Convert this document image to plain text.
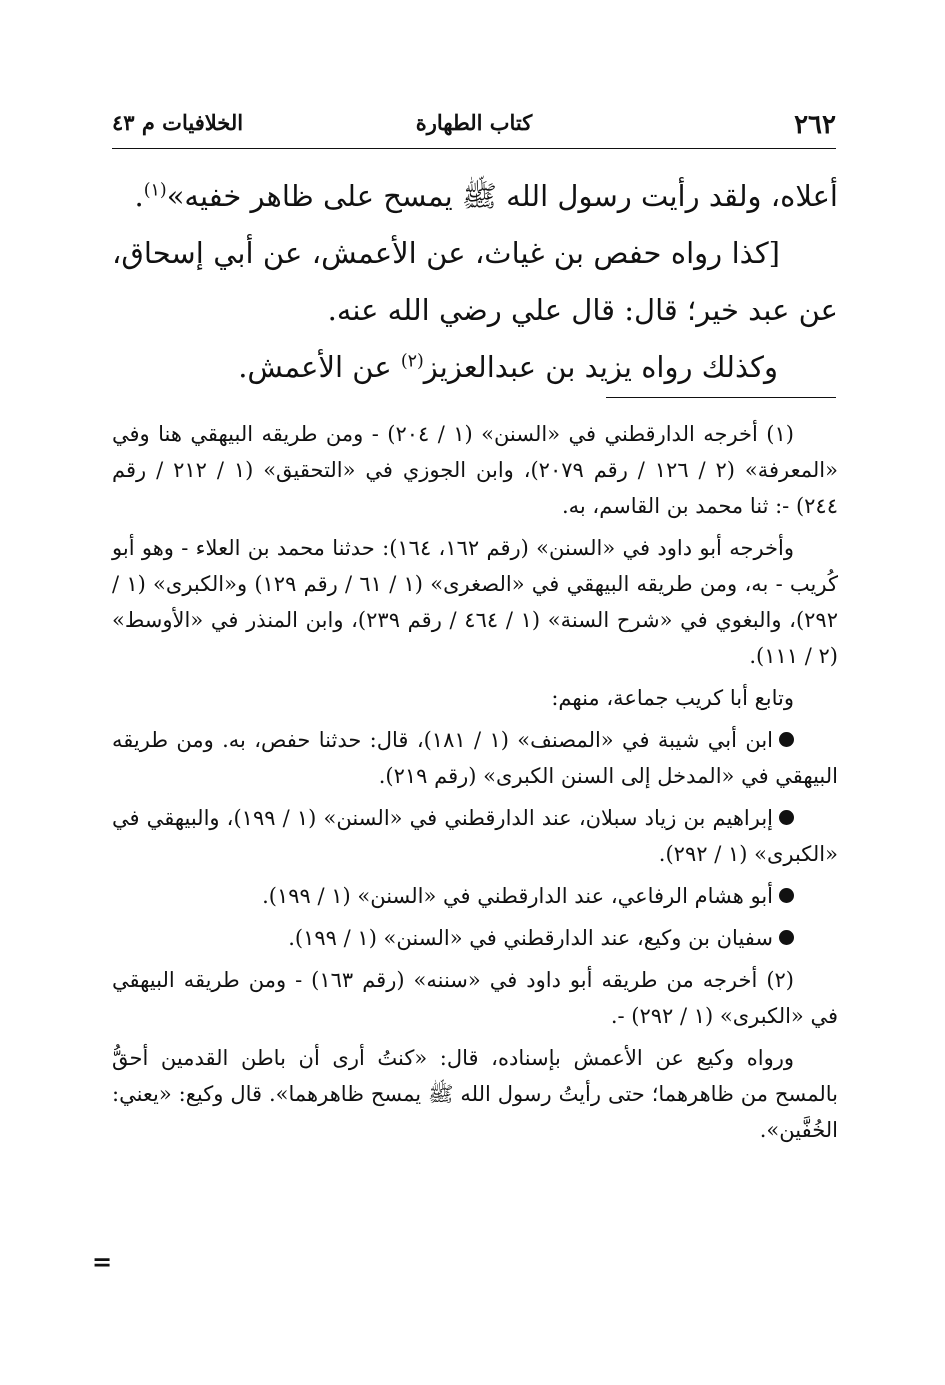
٢٦٢
كتاب الطهارة
الخلافيات م ٤٣

أعلاه، ولقد رأيت رسول الله ﷺ يمسح على ظاهر خفيه»$^{(١)}$.

[كذا رواه حفص بن غياث، عن الأعمش، عن أبي إسحاق، عن عبد خير؛ قال: قال علي رضي الله عنه.

وكذلك رواه يزيد بن عبدالعزيز$^{(٢)}$ عن الأعمش.

(١) أخرجه الدارقطني في «السنن» (١ / ٢٠٤) - ومن طريقه البيهقي هنا وفي «المعرفة» (٢ / ١٢٦ / رقم ٢٠٧٩)، وابن الجوزي في «التحقيق» (١ / ٢١٢ / رقم ٢٤٤) -: ثنا محمد بن القاسم، به.

وأخرجه أبو داود في «السنن» (رقم ١٦٢، ١٦٤): حدثنا محمد بن العلاء - وهو أبو كُريب - به، ومن طريقه البيهقي في «الصغرى» (١ / ٦١ / رقم ١٢٩) و«الكبرى» (١ / ٢٩٢)، والبغوي في «شرح السنة» (١ / ٤٦٤ / رقم ٢٣٩)، وابن المنذر في «الأوسط» (٢ / ١١١).

وتابع أبا كريب جماعة، منهم:

ابن أبي شيبة في «المصنف» (١ / ١٨١)، قال: حدثنا حفص، به. ومن طريقه البيهقي في «المدخل إلى السنن الكبرى» (رقم ٢١٩).

إبراهيم بن زياد سبلان، عند الدارقطني في «السنن» (١ / ١٩٩)، والبيهقي في «الكبرى» (١ / ٢٩٢).

أبو هشام الرفاعي، عند الدارقطني في «السنن» (١ / ١٩٩).

سفيان بن وكيع، عند الدارقطني في «السنن» (١ / ١٩٩).

(٢) أخرجه من طريقه أبو داود في «سننه» (رقم ١٦٣) - ومن طريقه البيهقي في «الكبرى» (١ / ٢٩٢) -.

ورواه وكيع عن الأعمش بإسناده، قال: «كنتُ أرى أن باطن القدمين أحقُّ بالمسح من ظاهرهما؛ حتى رأيتُ رسول الله ﷺ يمسح ظاهرهما». قال وكيع: «يعني: الخُفَّين».

=
